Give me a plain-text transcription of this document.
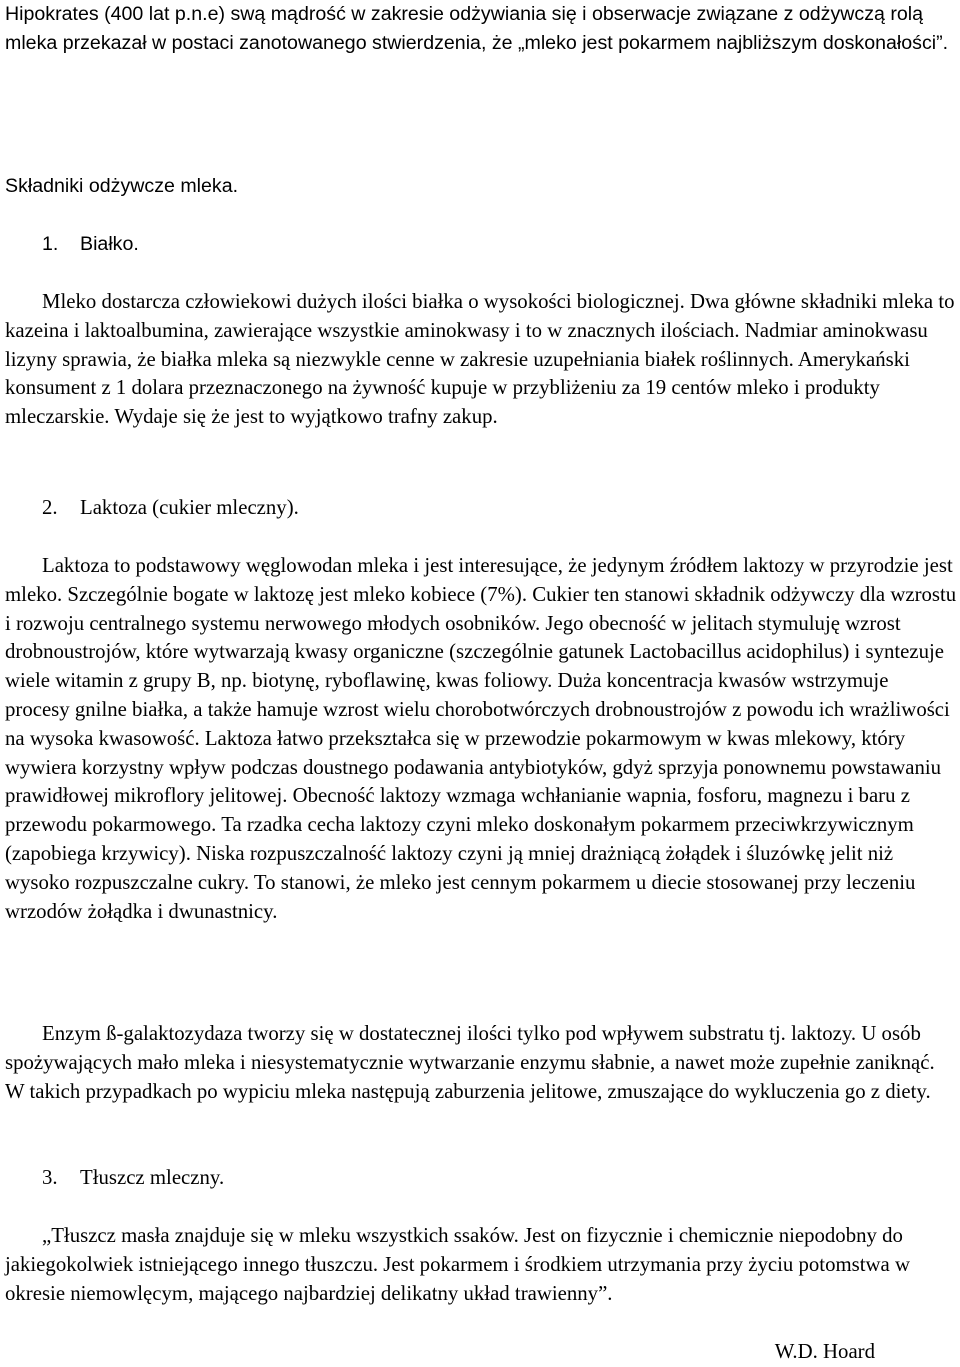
Hipokrates (400 lat p.n.e) swą mądrość w zakresie odżywiania się i obserwacje związane z odżywczą rolą mleka przekazał w postaci zanotowanego stwierdzenia, że „mleko jest pokarmem najbliższym doskonałości”.

Składniki odżywcze mleka.

1. Białko.

Mleko dostarcza człowiekowi dużych ilości białka o wysokości biologicznej. Dwa główne składniki mleka to kazeina i laktoalbumina, zawierające wszystkie aminokwasy i to w znacznych ilościach. Nadmiar aminokwasu lizyny sprawia, że białka mleka są niezwykle cenne w zakresie uzupełniania białek roślinnych. Amerykański konsument z 1 dolara przeznaczonego na żywność kupuje w przybliżeniu za 19 centów mleko i produkty mleczarskie. Wydaje się że jest to wyjątkowo trafny zakup.

2. Laktoza (cukier mleczny).

Laktoza to podstawowy węglowodan mleka i jest interesujące, że jedynym źródłem laktozy w przyrodzie jest mleko. Szczególnie bogate w laktozę jest mleko kobiece (7%). Cukier ten stanowi składnik odżywczy dla wzrostu i rozwoju centralnego systemu nerwowego młodych osobników. Jego obecność w jelitach stymuluję wzrost drobnoustrojów, które wytwarzają kwasy organiczne (szczególnie gatunek Lactobacillus acidophilus) i syntezuje wiele witamin z grupy B, np. biotynę, ryboflawinę, kwas foliowy. Duża koncentracja kwasów wstrzymuje procesy gnilne białka, a także hamuje wzrost wielu chorobotwórczych drobnoustrojów z powodu ich wrażliwości na wysoka kwasowość. Laktoza łatwo przekształca się w przewodzie pokarmowym w kwas mlekowy, który wywiera korzystny wpływ podczas doustnego podawania antybiotyków, gdyż sprzyja ponownemu powstawaniu prawidłowej mikroflory jelitowej. Obecność laktozy wzmaga wchłanianie wapnia, fosforu, magnezu i baru z przewodu pokarmowego. Ta rzadka cecha laktozy czyni mleko doskonałym pokarmem przeciwkrzywicznym (zapobiega krzywicy). Niska rozpuszczalność laktozy czyni ją mniej drażniącą żołądek i śluzówkę jelit niż wysoko rozpuszczalne cukry. To stanowi, że mleko jest cennym pokarmem u diecie stosowanej przy leczeniu wrzodów żołądka i dwunastnicy.

Enzym ß-galaktozydaza tworzy się w dostatecznej ilości tylko pod wpływem substratu tj. laktozy. U osób spożywających mało mleka i niesystematycznie wytwarzanie enzymu słabnie, a nawet może zupełnie zaniknąć. W takich przypadkach po wypiciu mleka następują zaburzenia jelitowe, zmuszające do wykluczenia go z diety.

3. Tłuszcz mleczny.

„Tłuszcz masła znajduje się w mleku wszystkich ssaków. Jest on fizycznie i chemicznie niepodobny do jakiegokolwiek istniejącego innego tłuszczu. Jest pokarmem i środkiem utrzymania przy życiu potomstwa w okresie niemowlęcym, mającego najbardziej delikatny układ trawienny”.

W.D. Hoard
